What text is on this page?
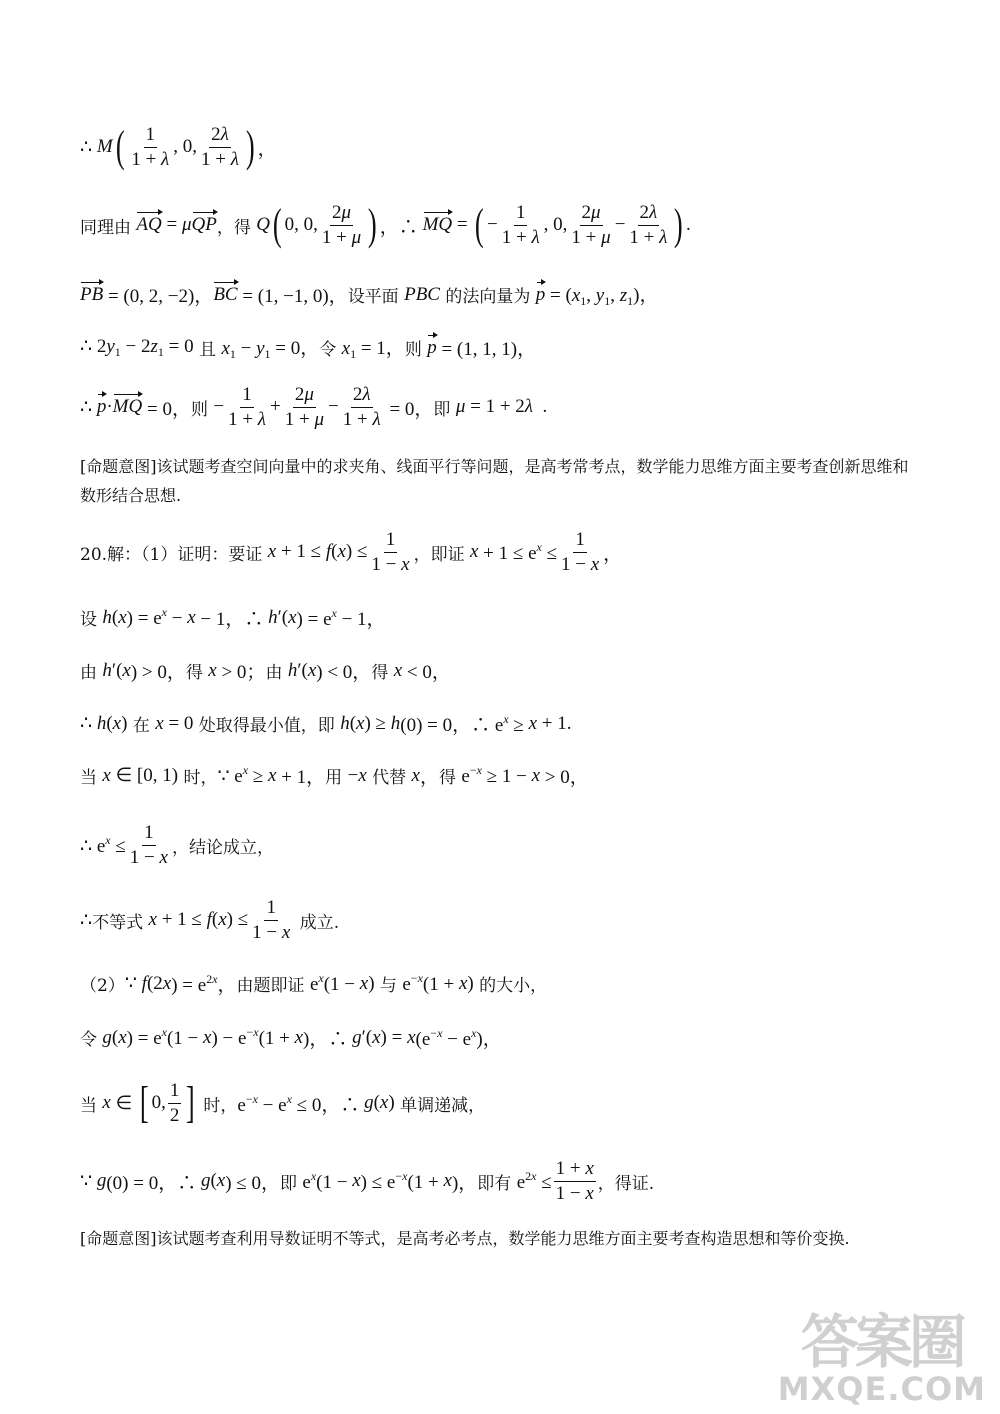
∴ M ( $\frac{1}{1 + \lambda}$ , 0, $\frac{2\lambda}{1 + \lambda}$ ) ，
同理由 AQ = μ QP ，得 Q ( 0, 0, $\frac{2\mu}{1 + \mu}$ ) ，∴ MQ = ( − $\frac{1}{1 + \lambda}$ , 0, $\frac{2\mu}{1 + \mu} - \frac{2\lambda}{1 + \lambda}$ ) .
PB = (0, 2, −2)， BC = (1, −1, 0)， 设平面 PBC 的法向量为 $p = (x_1$, $y_1$, $z_1$)，
∴ $2y_1 - 2z_1 = 0$ 且 $x_1 - y_1 = 0$， 令 $x_1 = 1$， 则 p = (1, 1, 1)，
∴ p · MQ = 0， 则 − $\frac{1}{1 + \lambda} + \frac{2\mu}{1 + \mu} - \frac{2\lambda}{1 + \lambda} = 0$， 即 μ = 1 + 2 λ .
[命题意图]该试题考查空间向量中的求夹角、线面平行等问题，是高考常考点，数学能力思维方面主要考查创新思维和数形结合思想.
20.解：（1）证明：要证 x + 1 ≤ f ( x ) ≤ $\frac{1}{1 - x}$ ，即证 $x + 1 \le e^x \le \frac{1}{1 - x}$ ，
设 h ( x ) = $e^x - x - 1$，∴ h ′( x ) = $e^x - 1$，
由 h ′( x ) > 0， 得 x > 0； 由 h ′( x ) < 0， 得 x < 0，
∴ h ( x ) 在 x = 0 处取得最小值，即 h ( x ) ≥ h (0) = 0，∴ $e^x \ge x + 1$.
当 x ∈ [0, 1) 时， ∵ $e^x \ge x + 1$， 用 − x 代替 x ， 得 $e^{-x} \ge 1 - x > 0$，
∴ $e^x \le \frac{1}{1 - x}$ ，结论成立，
∴ 不等式 x + 1 ≤ f ( x ) ≤ $\frac{1}{1 - x}$ 成立.
（2） ∵ f (2 x ) = $e^{2x}$， 由题即证 $e^x(1 - x$ ) 与 $e^{-x}(1 + x$ ) 的大小，
令 g ( x ) = $e^x(1 - x$ ) − $e^{-x}(1 + x$ )，∴ g ′( x ) = x $(e^{-x} - e^x)$，
当 x ∈ [ 0, $\frac{1}{2}$ ] 时， $e^{-x} - e^x \le 0$，∴ g ( x ) 单调递减，
∵ g (0) = 0，∴ g ( x ) ≤ 0， 即 $e^x(1 - x$ ) ≤ $e^{-x}(1 + x$ )， 即有 $e^{2x} \le \frac{1 + x}{1 - x}$ ，得证.
[命题意图]该试题考查利用导数证明不等式，是高考必考点，数学能力思维方面主要考查构造思想和等价变换.
答案圈
MXQE.COM
